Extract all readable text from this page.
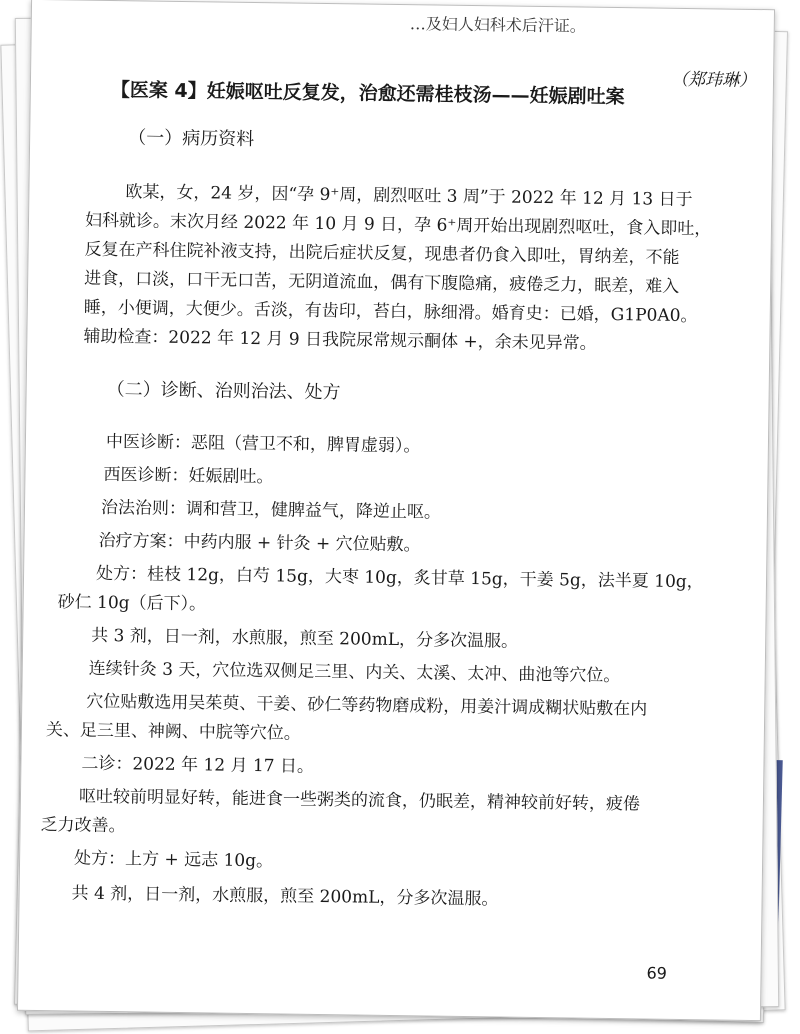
…及妇人妇科术后汗证。
（郑玮琳）
【医案 4】妊娠呕吐反复发，治愈还需桂枝汤——妊娠剧吐案
（一）病历资料
欧某，女，24 岁，因“孕 9⁺周，剧烈呕吐 3 周”于 2022 年 12 月 13 日于
妇科就诊。末次月经 2022 年 10 月 9 日，孕 6⁺周开始出现剧烈呕吐，食入即吐，
反复在产科住院补液支持，出院后症状反复，现患者仍食入即吐，胃纳差，不能
进食，口淡，口干无口苦，无阴道流血，偶有下腹隐痛，疲倦乏力，眠差，难入
睡，小便调，大便少。舌淡，有齿印，苔白，脉细滑。婚育史：已婚，G1P0A0。
辅助检查：2022 年 12 月 9 日我院尿常规示酮体 +，余未见异常。
（二）诊断、治则治法、处方
中医诊断：恶阻（营卫不和，脾胃虚弱）。
西医诊断：妊娠剧吐。
治法治则：调和营卫，健脾益气，降逆止呕。
治疗方案：中药内服 + 针灸 + 穴位贴敷。
处方：桂枝 12g，白芍 15g，大枣 10g，炙甘草 15g，干姜 5g，法半夏 10g，
砂仁 10g（后下）。
共 3 剂，日一剂，水煎服，煎至 200mL，分多次温服。
连续针灸 3 天，穴位选双侧足三里、内关、太溪、太冲、曲池等穴位。
穴位贴敷选用吴茱萸、干姜、砂仁等药物磨成粉，用姜汁调成糊状贴敷在内
关、足三里、神阙、中脘等穴位。
二诊：2022 年 12 月 17 日。
呕吐较前明显好转，能进食一些粥类的流食，仍眠差，精神较前好转，疲倦
乏力改善。
处方：上方 + 远志 10g。
共 4 剂，日一剂，水煎服，煎至 200mL，分多次温服。
69
